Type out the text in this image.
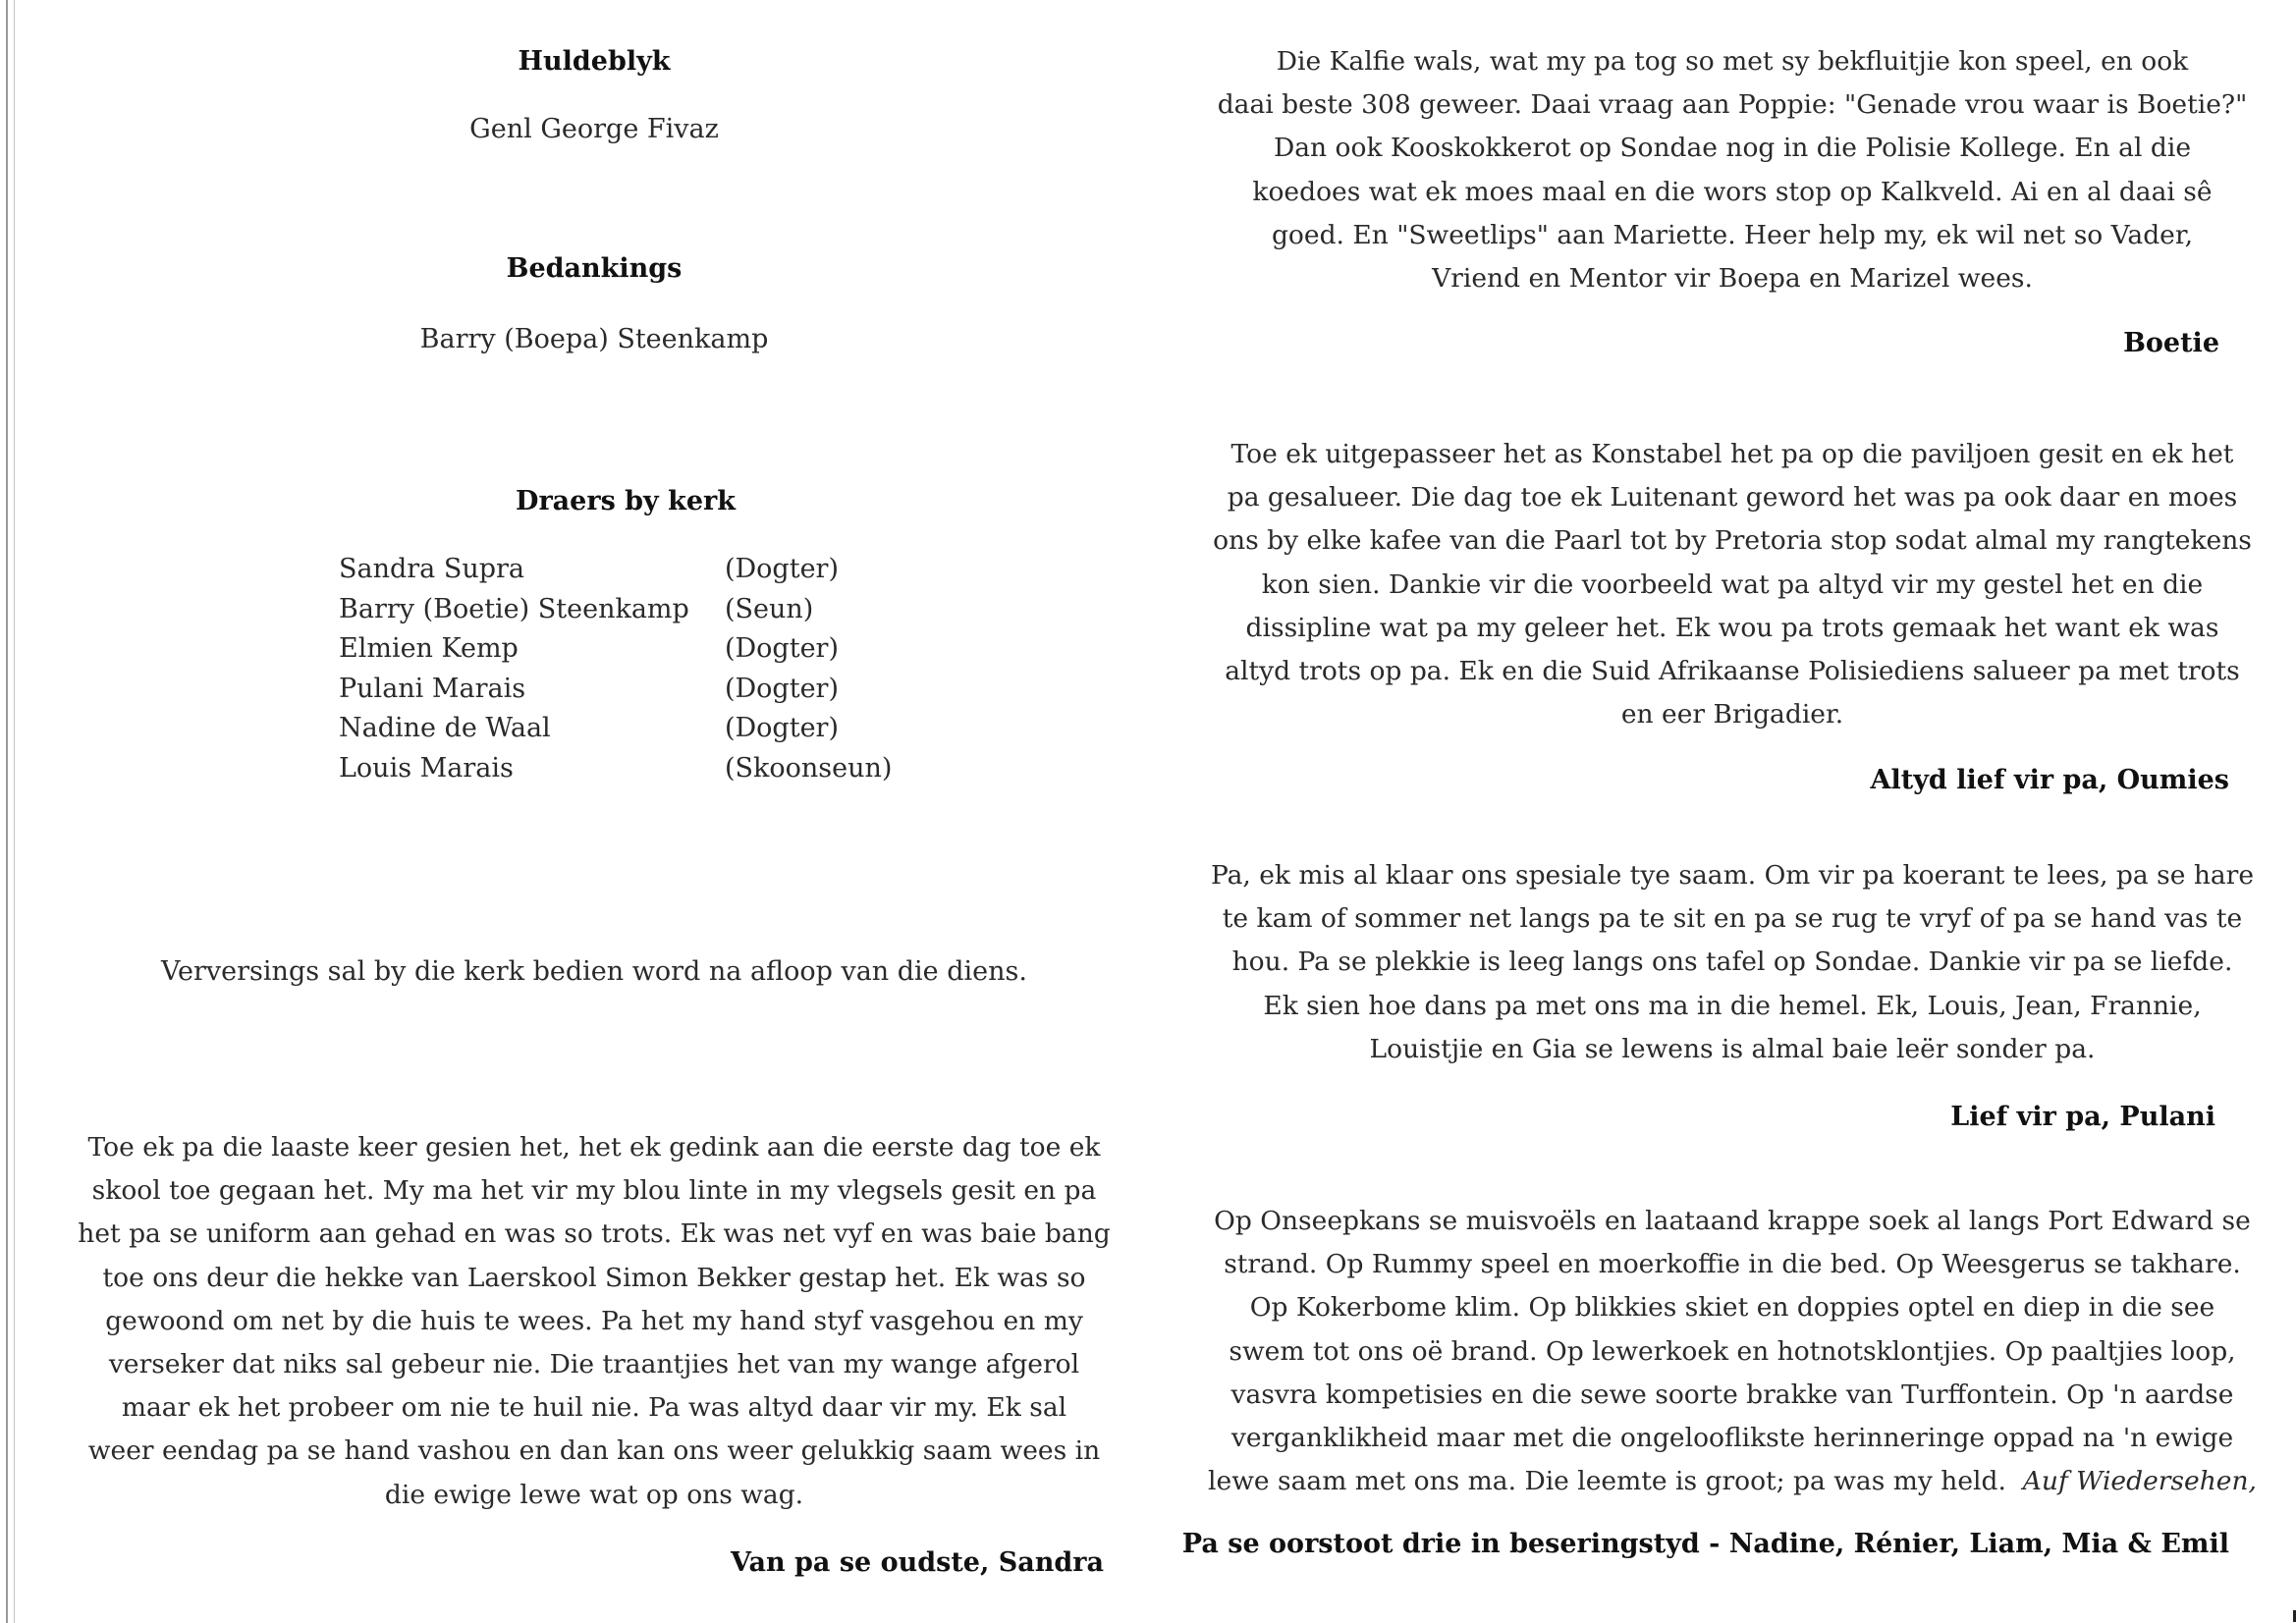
Huldeblyk
Genl George Fivaz
Bedankings
Barry (Boepa) Steenkamp
Draers by kerk
Sandra Supra	(Dogter)
Barry (Boetie) Steenkamp (Seun)
Elmien Kemp	(Dogter)
Pulani Marais	(Dogter)
Nadine de Waal	(Dogter)
Louis Marais	(Skoonseun)
Verversings sal by die kerk bedien word na afloop van die diens.
Toe ek pa die laaste keer gesien het, het ek gedink aan die eerste dag toe ek
skool toe gegaan het. My ma het vir my blou linte in my vlegsels gesit en pa
het pa se uniform aan gehad en was so trots. Ek was net vyf en was baie bang
toe ons deur die hekke van Laerskool Simon Bekker gestap het. Ek was so
gewoond om net by die huis te wees. Pa het my hand styf vasgehou en my
verseker dat niks sal gebeur nie. Die traantjies het van my wange afgerol
maar ek het probeer om nie te huil nie. Pa was altyd daar vir my. Ek sal
weer eendag pa se hand vashou en dan kan ons weer gelukkig saam wees in
die ewige lewe wat op ons wag.
Van pa se oudste, Sandra
Die Kalfie wals, wat my pa tog so met sy bekfluitjie kon speel, en ook
daai beste 308 geweer. Daai vraag aan Poppie: "Genade vrou waar is Boetie?"
Dan ook Kooskokkerot op Sondae nog in die Polisie Kollege. En al die
koedoes wat ek moes maal en die wors stop op Kalkveld. Ai en al daai sê
goed. En "Sweetlips" aan Mariette. Heer help my, ek wil net so Vader,
Vriend en Mentor vir Boepa en Marizel wees.
Boetie
Toe ek uitgepasseer het as Konstabel het pa op die paviljoen gesit en ek het
pa gesalueer. Die dag toe ek Luitenant geword het was pa ook daar en moes
ons by elke kafee van die Paarl tot by Pretoria stop sodat almal my rangtekens
kon sien. Dankie vir die voorbeeld wat pa altyd vir my gestel het en die
dissipline wat pa my geleer het. Ek wou pa trots gemaak het want ek was
altyd trots op pa. Ek en die Suid Afrikaanse Polisiediens salueer pa met trots
en eer Brigadier.
Altyd lief vir pa, Oumies
Pa, ek mis al klaar ons spesiale tye saam. Om vir pa koerant te lees, pa se hare
te kam of sommer net langs pa te sit en pa se rug te vryf of pa se hand vas te
hou. Pa se plekkie is leeg langs ons tafel op Sondae. Dankie vir pa se liefde.
Ek sien hoe dans pa met ons ma in die hemel. Ek, Louis, Jean, Frannie,
Louistjie en Gia se lewens is almal baie leër sonder pa.
Lief vir pa, Pulani
Op Onseepkans se muisvoëls en laataand krappe soek al langs Port Edward se
strand. Op Rummy speel en moerkoffie in die bed. Op Weesgerus se takhare.
Op Kokerbome klim. Op blikkies skiet en doppies optel en diep in die see
swem tot ons oë brand. Op lewerkoek en hotnotsklontjies. Op paaltjies loop,
vasvra kompetisies en die sewe soorte brakke van Turffontein. Op 'n aardse
verganklikheid maar met die ongelooflikste herinneringe oppad na 'n ewige
lewe saam met ons ma. Die leemte is groot; pa was my held. Auf Wiedersehen,
Pa se oorstoot drie in beseringstyd - Nadine, Rénier, Liam, Mia & Emil
